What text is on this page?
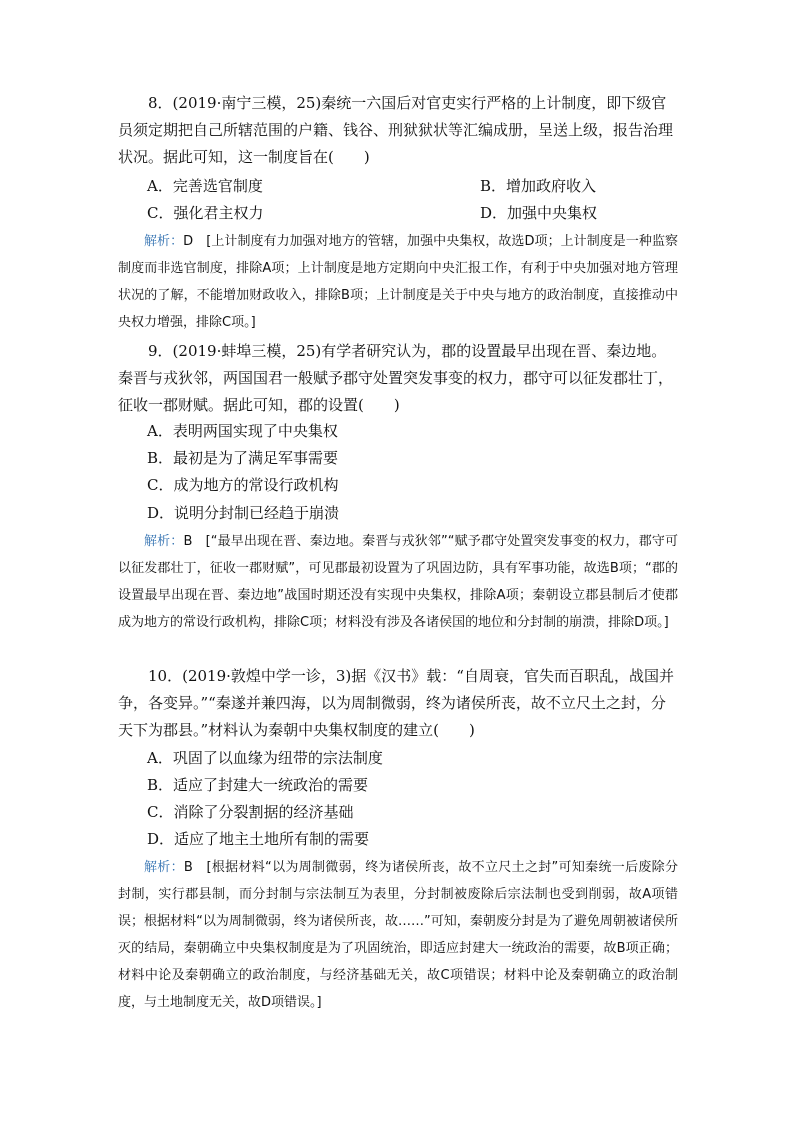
8．(2019·南宁三模，25)秦统一六国后对官吏实行严格的上计制度，即下级官员须定期把自己所辖范围的户籍、钱谷、刑狱狱状等汇编成册，呈送上级，报告治理状况。据此可知，这一制度旨在(　　)

A．完善选官制度	B．增加政府收入
C．强化君主权力	D．加强中央集权

解析：D　[上计制度有力加强对地方的管辖，加强中央集权，故选D项；上计制度是一种监察制度而非选官制度，排除A项；上计制度是地方定期向中央汇报工作，有利于中央加强对地方管理状况的了解，不能增加财政收入，排除B项；上计制度是关于中央与地方的政治制度，直接推动中央权力增强，排除C项。]

9．(2019·蚌埠三模，25)有学者研究认为，郡的设置最早出现在晋、秦边地。秦晋与戎狄邻，两国国君一般赋予郡守处置突发事变的权力，郡守可以征发郡壮丁，征收一郡财赋。据此可知，郡的设置(　　)

A．表明两国实现了中央集权
B．最初是为了满足军事需要
C．成为地方的常设行政机构
D．说明分封制已经趋于崩溃

解析：B　[“最早出现在晋、秦边地。秦晋与戎狄邻”“赋予郡守处置突发事变的权力，郡守可以征发郡壮丁，征收一郡财赋”，可见郡最初设置为了巩固边防，具有军事功能，故选B项；“郡的设置最早出现在晋、秦边地”战国时期还没有实现中央集权，排除A项；秦朝设立郡县制后才使郡成为地方的常设行政机构，排除C项；材料没有涉及各诸侯国的地位和分封制的崩溃，排除D项。]

10．(2019·敦煌中学一诊，3)据《汉书》载：“自周衰，官失而百职乱，战国并争，各变异。”“秦遂并兼四海，以为周制微弱，终为诸侯所丧，故不立尺土之封，分天下为郡县。”材料认为秦朝中央集权制度的建立(　　)

A．巩固了以血缘为纽带的宗法制度
B．适应了封建大一统政治的需要
C．消除了分裂割据的经济基础
D．适应了地主土地所有制的需要

解析：B　[根据材料“以为周制微弱，终为诸侯所丧，故不立尺土之封”可知秦统一后废除分封制，实行郡县制，而分封制与宗法制互为表里，分封制被废除后宗法制也受到削弱，故A项错误；根据材料“以为周制微弱，终为诸侯所丧，故……”可知，秦朝废分封是为了避免周朝被诸侯所灭的结局，秦朝确立中央集权制度是为了巩固统治，即适应封建大一统政治的需要，故B项正确；材料中论及秦朝确立的政治制度，与经济基础无关，故C项错误；材料中论及秦朝确立的政治制度，与土地制度无关，故D项错误。]
